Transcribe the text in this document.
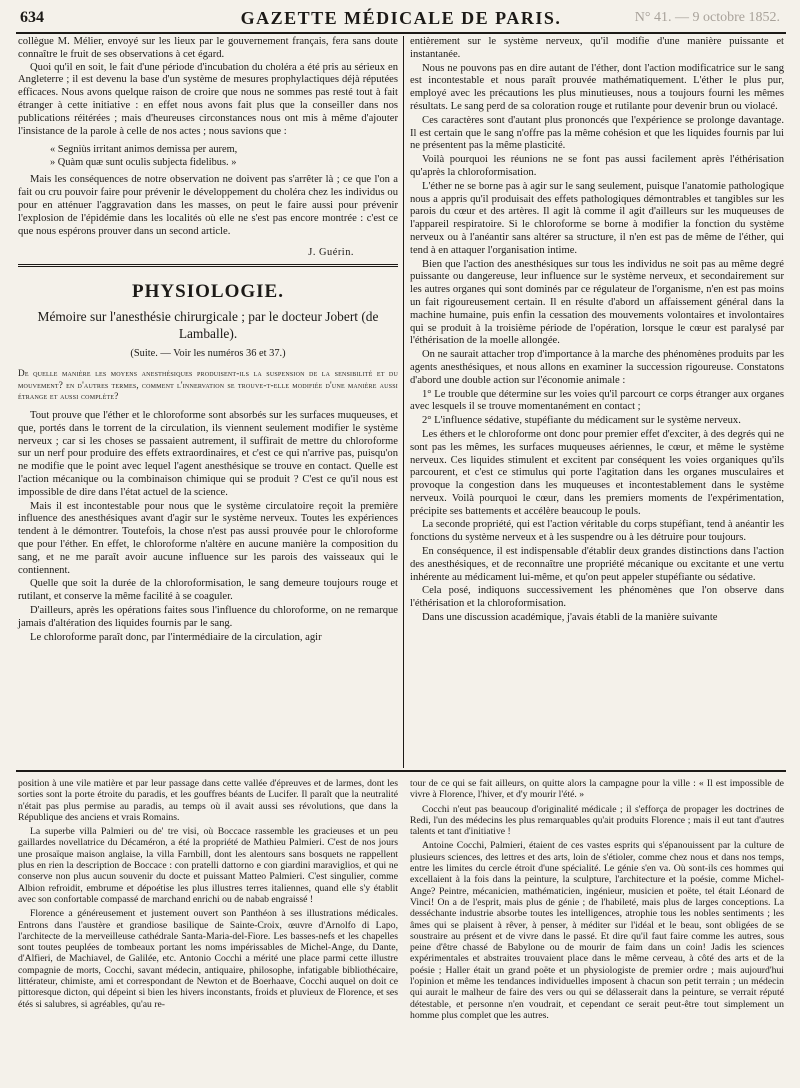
634	GAZETTE MÉDICALE DE PARIS.	N° 41. — 9 octobre 1852.

collègue M. Mélier, envoyé sur les lieux par le gouvernement français, fera sans doute connaître le fruit de ses observations à cet égard.

Quoi qu'il en soit, le fait d'une période d'incubation du choléra a été pris au sérieux en Angleterre ; il est devenu la base d'un système de mesures prophylactiques déjà réputées efficaces. Nous avons quelque raison de croire que nous ne sommes pas resté tout à fait étranger à cette initiative : en effet nous avons fait plus que la conseiller dans nos publications réitérées ; mais d'heureuses circonstances nous ont mis à même d'ajouter l'insistance de la parole à celle de nos actes ; nous savions que :

« Segniùs irritant animos demissa per aurem,
» Quàm quæ sunt oculis subjecta fidelibus. »

Mais les conséquences de notre observation ne doivent pas s'arrêter là ; ce que l'on a fait ou cru pouvoir faire pour prévenir le développement du choléra chez les individus ou pour en atténuer l'aggravation dans les masses, on peut le faire aussi pour prévenir l'explosion de l'épidémie dans les localités où elle ne s'est pas encore montrée : c'est ce que nous espérons prouver dans un second article.

J. Guérin.
PHYSIOLOGIE.
Mémoire sur l'anesthésie chirurgicale ; par le docteur Jobert (de Lamballe).
(Suite. — Voir les numéros 36 et 37.)
De quelle manière les moyens anesthésiques produisent-ils la suspension de la sensibilité et du mouvement? en d'autres termes, comment l'innervation se trouve-t-elle modifiée d'une manière aussi étrange et aussi complète?

Tout prouve que l'éther et le chloroforme sont absorbés sur les surfaces muqueuses, et que, portés dans le torrent de la circulation, ils viennent seulement modifier le système nerveux ; car si les choses se passaient autrement, il suffirait de mettre du chloroforme sur un nerf pour produire des effets extraordinaires, et c'est ce qui n'arrive pas, puisqu'on ne modifie que le point avec lequel l'agent anesthésique se trouve en contact. Quelle est l'action mécanique ou la combinaison chimique qui se produit ? C'est ce qu'il nous est impossible de dire dans l'état actuel de la science.

Mais il est incontestable pour nous que le système circulatoire reçoit la première influence des anesthésiques avant d'agir sur le système nerveux. Toutes les expériences tendent à le démontrer. Toutefois, la chose n'est pas aussi prouvée pour le chloroforme que pour l'éther. En effet, le chloroforme n'altère en aucune manière la composition du sang, et ne me paraît avoir aucune influence sur les parois des vaisseaux qui le contiennent.

Quelle que soit la durée de la chloroformisation, le sang demeure toujours rouge et rutilant, et conserve la même facilité à se coaguler.

D'ailleurs, après les opérations faites sous l'influence du chloroforme, on ne remarque jamais d'altération des liquides fournis par le sang.

Le chloroforme paraît donc, par l'intermédiaire de la circulation, agir

entièrement sur le système nerveux, qu'il modifie d'une manière puissante et instantanée.

Nous ne pouvons pas en dire autant de l'éther, dont l'action modificatrice sur le sang est incontestable et nous paraît prouvée mathématiquement. L'éther le plus pur, employé avec les précautions les plus minutieuses, nous a toujours fourni les mêmes résultats. Le sang perd de sa coloration rouge et rutilante pour devenir brun ou violacé.

Ces caractères sont d'autant plus prononcés que l'expérience se prolonge davantage. Il est certain que le sang n'offre pas la même cohésion et que les liquides fournis par lui ne présentent pas la même plasticité.

Voilà pourquoi les réunions ne se font pas aussi facilement après l'éthérisation qu'après la chloroformisation.

L'éther ne se borne pas à agir sur le sang seulement, puisque l'anatomie pathologique nous a appris qu'il produisait des effets pathologiques démontrables et tangibles sur les parois du cœur et des artères. Il agit là comme il agit d'ailleurs sur les muqueuses de l'appareil respiratoire. Si le chloroforme se borne à modifier la fonction du système nerveux ou à l'anéantir sans altérer sa structure, il n'en est pas de même de l'éther, qui tend à en attaquer l'organisation intime.

Bien que l'action des anesthésiques sur tous les individus ne soit pas au même degré puissante ou dangereuse, leur influence sur le système nerveux, et secondairement sur les autres organes qui sont dominés par ce régulateur de l'organisme, n'en est pas moins un fait rigoureusement certain. Il en résulte d'abord un affaissement général dans la machine humaine, puis enfin la cessation des mouvements volontaires et involontaires qui se produit à la troisième période de l'opération, lorsque le cœur est paralysé par l'éthérisation de la moelle allongée.

On ne saurait attacher trop d'importance à la marche des phénomènes produits par les agents anesthésiques, et nous allons en examiner la succession rigoureuse. Constatons d'abord une double action sur l'économie animale :

1° Le trouble que détermine sur les voies qu'il parcourt ce corps étranger aux organes avec lesquels il se trouve momentanément en contact ;

2° L'influence sédative, stupéfiante du médicament sur le système nerveux.

Les éthers et le chloroforme ont donc pour premier effet d'exciter, à des degrés qui ne sont pas les mêmes, les surfaces muqueuses aériennes, le cœur, et même le système nerveux. Ces liquides stimulent et excitent par conséquent les voies organiques qu'ils parcourent, et c'est ce stimulus qui porte l'agitation dans les organes musculaires et provoque la congestion dans les muqueuses et incontestablement dans le système nerveux. Voilà pourquoi le cœur, dans les premiers moments de l'expérimentation, précipite ses battements et accélère beaucoup le pouls.

La seconde propriété, qui est l'action véritable du corps stupéfiant, tend à anéantir les fonctions du système nerveux et à les suspendre ou à les détruire pour toujours.

En conséquence, il est indispensable d'établir deux grandes distinctions dans l'action des anesthésiques, et de reconnaître une propriété mécanique ou excitante et une vertu inhérente au médicament lui-même, et qu'on peut appeler stupéfiante ou sédative.

Cela posé, indiquons successivement les phénomènes que l'on observe dans l'éthérisation et la chloroformisation.

Dans une discussion académique, j'avais établi de la manière suivante

position à une vile matière et par leur passage dans cette vallée d'épreuves et de larmes, dont les sorties sont la porte étroite du paradis, et les gouffres béants de Lucifer. Il paraît que la neutralité n'était pas plus permise au paradis, au temps où il avait aussi ses révolutions, que dans la République des anciens et vrais Romains.

La superbe villa Palmieri ou de' tre visi, où Boccace rassemble les gracieuses et un peu gaillardes novellatrice du Décaméron, a été la propriété de Mathieu Palmieri. C'est de nos jours une prosaïque maison anglaise, la villa Farnbill, dont les alentours sans bosquets ne rappellent plus en rien la description de Boccace : con pratelli dattorno e con giardini maraviglios, et qui ne conserve non plus aucun souvenir du docte et puissant Matteo Palmieri. C'est singulier, comme Albion refroidit, embrume et dépoétise les plus illustres terres italiennes, quand elle s'y établit avec son confortable compassé de marchand enrichi ou de nabab engraissé !

Florence a généreusement et justement ouvert son Panthéon à ses illustrations médicales. Entrons dans l'austère et grandiose basilique de Sainte-Croix, œuvre d'Arnolfo di Lapo, l'architecte de la merveilleuse cathédrale Santa-Maria-del-Fiore. Les basses-nefs et les chapelles sont toutes peuplées de tombeaux portant les noms impérissables de Michel-Ange, du Dante, d'Alfieri, de Machiavel, de Galilée, etc. Antonio Cocchi a mérité une place parmi cette illustre compagnie de morts, Cocchi, savant médecin, antiquaire, philosophe, infatigable bibliothécaire, littérateur, chimiste, ami et correspondant de Newton et de Boerhaave, Cocchi auquel on doit ce pittoresque dicton, qui dépeint si bien les hivers inconstants, froids et pluvieux de Florence, et ses étés si salubres, si agréables, qu'au re-

tour de ce qui se fait ailleurs, on quitte alors la campagne pour la ville : « Il est impossible de vivre à Florence, l'hiver, et d'y mourir l'été. »

Cocchi n'eut pas beaucoup d'originalité médicale ; il s'efforça de propager les doctrines de Redi, l'un des médecins les plus remarquables qu'ait produits Florence ; mais il eut tant d'autres talents et tant d'initiative !

Antoine Cocchi, Palmieri, étaient de ces vastes esprits qui s'épanouissent par la culture de plusieurs sciences, des lettres et des arts, loin de s'étioler, comme chez nous et dans nos temps, entre les limites du cercle étroit d'une spécialité. Le génie s'en va. Où sont-ils ces hommes qui excellaient à la fois dans la peinture, la sculpture, l'architecture et la poésie, comme Michel-Ange? Peintre, mécanicien, mathématicien, ingénieur, musicien et poëte, tel était Léonard de Vinci! On a de l'esprit, mais plus de génie ; de l'habileté, mais plus de larges conceptions. La desséchante industrie absorbe toutes les intelligences, atrophie tous les nobles sentiments ; les âmes qui se plaisent à rêver, à penser, à méditer sur l'idéal et le beau, sont obligées de se soustraire au présent et de vivre dans le passé. Et dire qu'il faut faire comme les autres, sous peine d'être chassé de Babylone ou de mourir de faim dans un coin! Jadis les sciences expérimentales et abstraites trouvaient place dans le même cerveau, à côté des arts et de la poésie ; Haller était un grand poëte et un physiologiste de premier ordre ; mais aujourd'hui l'opinion et même les tendances individuelles imposent à chacun son petit terrain ; un médecin qui aurait le malheur de faire des vers ou qui se délasserait dans la peinture, se verrait réputé détestable, et personne n'en voudrait, et cependant ce serait peut-être tout simplement un homme plus complet que les autres.
